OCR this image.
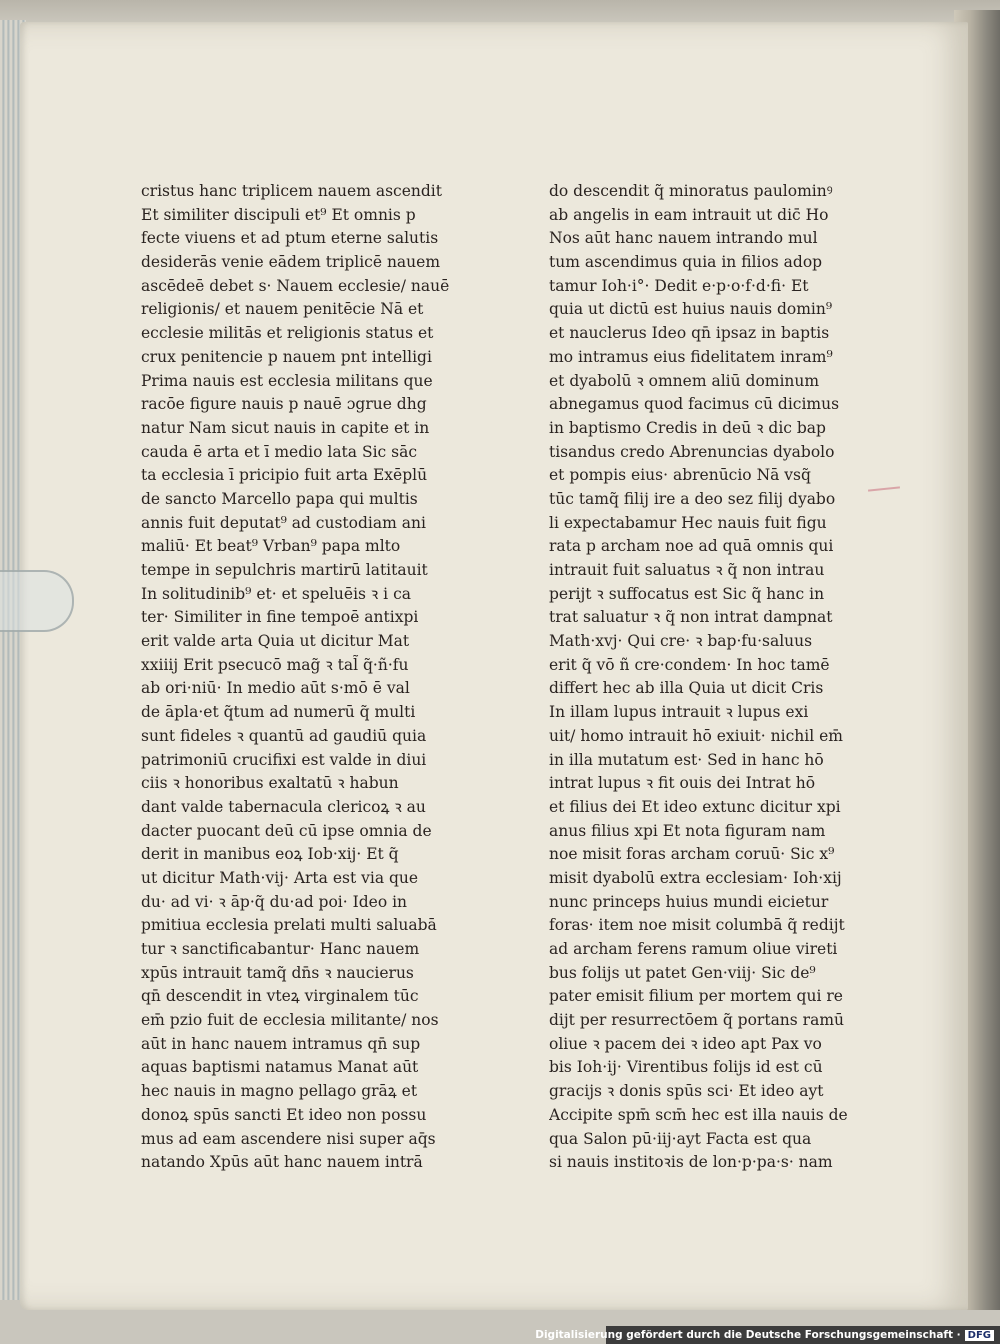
cristus hanc triplicem nauem ascendit
Et similiter discipuli et⁹ Et omnis p
fecte viuens et ad ptum eterne salutis
desiderās venie eādem triplicē nauem
ascēdeē debet s· Nauem ecclesie/ nauē
religionis/ et nauem penitēcie Nā et
ecclesie militās et religionis status et
crux penitencie p nauem pnt intelligi
Prima nauis est ecclesia militans que
racōe figure nauis p nauē ɔgrue dhg
natur Nam sicut nauis in capite et in
cauda ē arta et ī medio lata Sic sāc
ta ecclesia ī pricipio fuit arta Exēplū
de sancto Marcello papa qui multis
annis fuit deputat⁹ ad custodiam ani
maliū· Et beat⁹ Vrban⁹ papa mlto
tempe in sepulchris martirū latitauit
In solitudinib⁹ et· et speluēis ꝛ i ca
ter· Similiter in fine tempoē antixpi
erit valde arta Quia ut dicitur Mat
xxiiij Erit psecucō mag̃ ꝛ tal̃ q̃·ñ·fu
ab ori·niū· In medio aūt s·mō ē val
de āpla·et q̃tum ad numerū q̃ multi
sunt fideles ꝛ quantū ad gaudiū quia
patrimoniū crucifixi est valde in diui
ciis ꝛ honoribus exaltatū ꝛ habun
dant valde tabernacula clericoꝝ ꝛ au
dacter puocant deū cū ipse omnia de
derit in manibus eoꝝ Iob·xij· Et q̃
ut dicitur Math·vij· Arta est via que
du· ad vi· ꝛ āp·q̃ du·ad poi· Ideo in
pmitiua ecclesia prelati multi saluabā
tur ꝛ sanctificabantur· Hanc nauem
xpūs intrauit tamq̃ dn̄s ꝛ naucierus
qn̄ descendit in vteꝝ virginalem tūc
em̄ pzio fuit de ecclesia militante/ nos
aūt in hanc nauem intramus qn̄ sup
aquas baptismi natamus Manat aūt
hec nauis in magno pellago grāꝝ et
donoꝝ spūs sancti Et ideo non possu
mus ad eam ascendere nisi super aq̄s
natando Xpūs aūt hanc nauem intrā
do descendit q̃ minoratus paulominꝰ
ab angelis in eam intrauit ut dic̄ Ho
Nos aūt hanc nauem intrando mul
tum ascendimus quia in filios adop
tamur Ioh·i°· Dedit e·p·o·f·d·fi· Et
quia ut dictū est huius nauis domin⁹
et nauclerus Ideo qn̄ ipsaz in baptis
mo intramus eius fidelitatem inram⁹
et dyabolū ꝛ omnem aliū dominum
abnegamus quod facimus cū dicimus
in baptismo Credis in deū ꝛ di̇c bap
tisandus credo Abrenuncias dyabolo
et pompis eius· abrenūcio Nā vsq̃
tūc tamq̃ filij ire a deo sez filij dyabo
li expectabamur Hec nauis fuit figu
rata p archam noe ad quā omnis qui
intrauit fuit saluatus ꝛ q̃ non intrau
perijt ꝛ suffocatus est Sic q̃ hanc in
trat saluatur ꝛ q̃ non intrat dampnat
Math·xvj· Qui cre· ꝛ bap·fu·saluus
erit q̃ vō ñ cre·condem· In hoc tamē
differt hec ab illa Quia ut dicit Cris
In illam lupus intrauit ꝛ lupus exi
uit/ homo intrauit hō exiuit· nichil em̄
in illa mutatum est· Sed in hanc hō
intrat lupus ꝛ fit ouis dei Intrat hō
et filius dei Et ideo extunc dicitur xpi
anus filius xpi Et nota figuram nam
noe misit foras archam coruū· Sic x⁹
misit dyabolū extra ecclesiam· Ioh·xij
nunc princeps huius mundi eicietur
foras· item noe misit columbā q̃ redijt
ad archam ferens ramum oliue vireti
bus folijs ut patet Gen·viij· Sic de⁹
pater emisit filium per mortem qui re
dijt per resurrectōem q̃ portans ramū
oliue ꝛ pacem dei ꝛ ideo apt Pax vo
bis Ioh·ij· Virentibus folijs id est cū
gracijs ꝛ donis spūs sci· Et ideo ayt
Accipite spm̄ scm̄ hec est illa nauis de
qua Salon pū·iij·ayt Facta est qua
si nauis institoꝛis de lon·p·pa·s· nam
Digitalisierung gefördert durch die Deutsche Forschungsgemeinschaft · DFG
